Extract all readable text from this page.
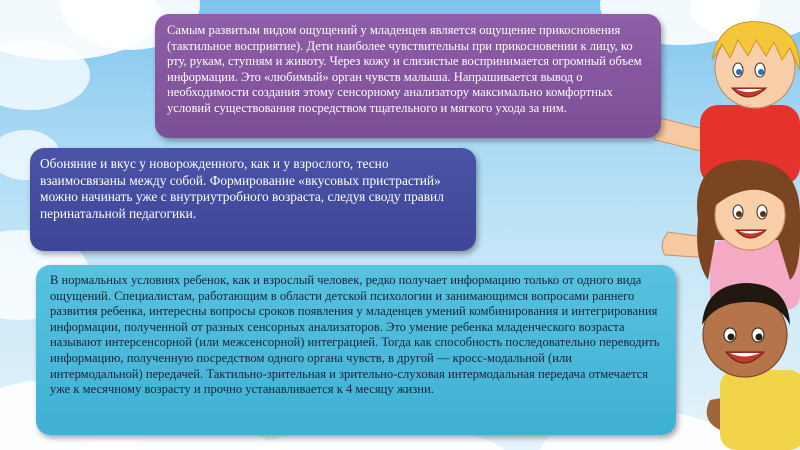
Самым развитым видом ощущений у младенцев является ощущение прикосновения (тактильное восприятие). Дети наиболее чувствительны при прикосновении к лицу, ко рту, рукам, ступням и животу. Через кожу и слизистые воспринимается огромный объем информации. Это «любимый» орган чувств малыша. Напрашивается вывод о необходимости создания этому сенсорному анализатору максимально комфортных условий существования посредством тщательного и мягкого ухода за ним.
Обоняние и вкус у новорожденного, как и у взрослого, тесно взаимосвязаны между собой. Формирование «вкусовых пристрастий» можно начинать уже с внутриутробного возраста, следуя своду правил перинатальной педагогики.
В нормальных условиях ребенок, как и взрослый человек, редко получает информацию только от одного вида ощущений. Специалистам, работающим в области детской психологии и занимающимся вопросами раннего развития ребенка, интересны вопросы сроков появления у младенцев умений комбинирования и интегрирования информации, полученной от разных сенсорных анализаторов. Это умение ребенка младенческого возраста называют интерсенсорной (или межсенсорной) интеграцией. Тогда как способность последовательно переводить информацию, полученную посредством одного органа чувств, в другой — кросс-модальной (или интермодальной) передачей. Тактильно-зрительная и зрительно-слуховая интермодальная передача отмечается уже к месячному возрасту и прочно устанавливается к 4 месяцу жизни.
